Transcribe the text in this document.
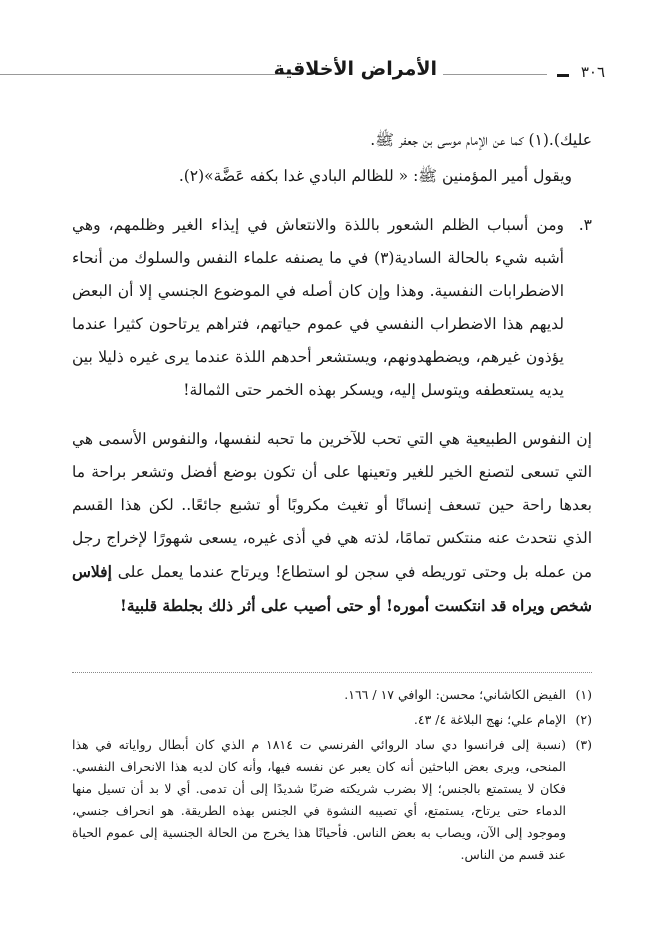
٣٠٦
الأمراض الأخلاقية

عليك).(١) كما عن الإمام موسى بن جعفر ﷺ.

ويقول أمير المؤمنين ﷺ: « للظالم البادي غدا بكفه عَضَّة»(٢).

٣.

ومن أسباب الظلم الشعور باللذة والانتعاش في إيذاء الغير وظلمهم، وهي أشبه شيء بالحالة السادية(٣) في ما يصنفه علماء النفس والسلوك من أنحاء الاضطرابات النفسية. وهذا وإن كان أصله في الموضوع الجنسي إلا أن البعض لديهم هذا الاضطراب النفسي في عموم حياتهم، فتراهم يرتاحون كثيرا عندما يؤذون غيرهم، ويضطهدونهم، ويستشعر أحدهم اللذة عندما يرى غيره ذليلا بين يديه يستعطفه ويتوسل إليه، ويسكر بهذه الخمر حتى الثمالة!

إن النفوس الطبيعية هي التي تحب للآخرين ما تحبه لنفسها، والنفوس الأسمى هي التي تسعى لتصنع الخير للغير وتعينها على أن تكون بوضع أفضل وتشعر براحة ما بعدها راحة حين تسعف إنسانًا أو تغيث مكروبًا أو تشبع جائعًا.. لكن هذا القسم الذي نتحدث عنه منتكس تمامًا، لذته هي في أذى غيره، يسعى شهورًا لإخراج رجل من عمله بل وحتى توريطه في سجن لو استطاع! ويرتاح عندما يعمل على إفلاس شخص ويراه قد انتكست أموره! أو حتى أصيب على أثر ذلك بجلطة قلبية!

(١)
الفيض الكاشاني؛ محسن: الوافي ١٧ / ١٦٦.
(٢)
الإمام علي؛ نهج البلاغة ٤/ ٤٣.
(٣)
(نسبة إلى فرانسوا دي ساد الروائي الفرنسي ت ١٨١٤ م الذي كان أبطال رواياته في هذا المنحى، ويرى بعض الباحثين أنه كان يعبر عن نفسه فيها، وأنه كان لديه هذا الانحراف النفسي. فكان لا يستمتع بالجنس؛ إلا بضرب شريكته ضربًا شديدًا إلى أن تدمى. أي لا بد أن تسيل منها الدماء حتى يرتاح، يستمتع، أي تصيبه النشوة في الجنس بهذه الطريقة. هو انحراف جنسي، وموجود إلى الآن، ويصاب به بعض الناس. فأحيانًا هذا يخرج من الحالة الجنسية إلى عموم الحياة عند قسم من الناس.
